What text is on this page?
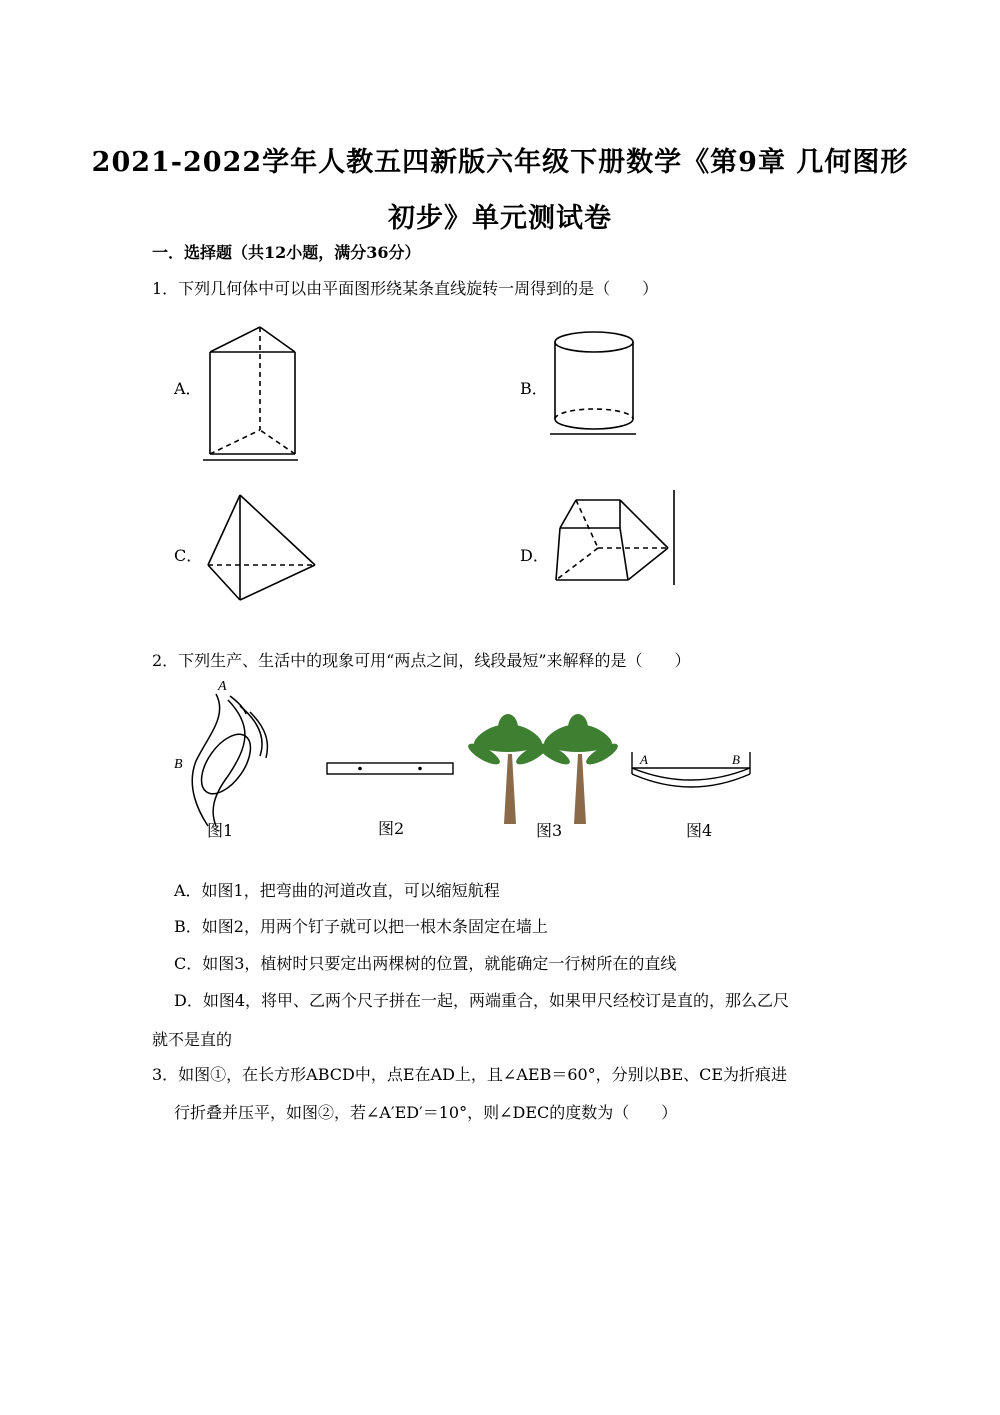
2021-2022学年人教五四新版六年级下册数学《第9章 几何图形
初步》单元测试卷
一．选择题（共12小题，满分36分）
1．下列几何体中可以由平面图形绕某条直线旋转一周得到的是（　　）
A．	B．
C．	D．
2．下列生产、生活中的现象可用“两点之间，线段最短”来解释的是（　　）
A
B
图1	图2	图3
A	B
图4
A．如图1，把弯曲的河道改直，可以缩短航程
B．如图2，用两个钉子就可以把一根木条固定在墙上
C．如图3，植树时只要定出两棵树的位置，就能确定一行树所在的直线
D．如图4，将甲、乙两个尺子拼在一起，两端重合，如果甲尺经校订是直的，那么乙尺
就不是直的
3．如图①，在长方形ABCD中，点E在AD上，且∠AEB＝60°，分别以BE、CE为折痕进
行折叠并压平，如图②，若∠A′ED′＝10°，则∠DEC的度数为（　　）
